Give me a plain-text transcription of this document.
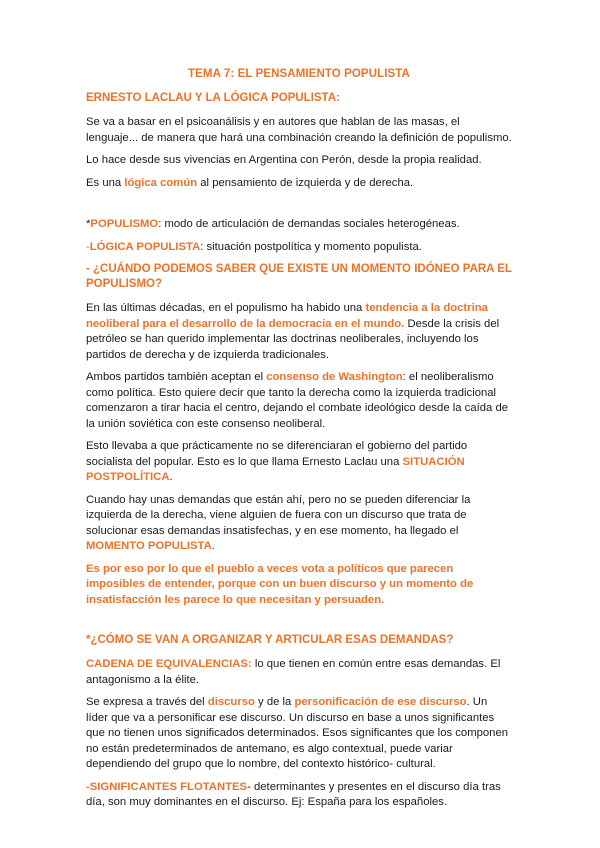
TEMA 7: EL PENSAMIENTO POPULISTA
ERNESTO LACLAU Y LA LÓGICA POPULISTA:

Se va a basar en el psicoanálisis y en autores que hablan de las masas, el lenguaje... de manera que hará una combinación creando la definición de populismo.

Lo hace desde sus vivencias en Argentina con Perón, desde la propia realidad.

Es una lógica común al pensamiento de izquierda y de derecha.

*POPULISMO: modo de articulación de demandas sociales heterogéneas.

-LÓGICA POPULISTA: situación postpolítica y momento populista.

- ¿CUÁNDO PODEMOS SABER QUE EXISTE UN MOMENTO IDÓNEO PARA EL POPULISMO?

En las últimas décadas, en el populismo ha habido una tendencia a la doctrina neoliberal para el desarrollo de la democracia en el mundo. Desde la crisis del petróleo se han querido implementar las doctrinas neoliberales, incluyendo los partidos de derecha y de izquierda tradicionales.

Ambos partidos también aceptan el consenso de Washington: el neoliberalismo como política. Esto quiere decir que tanto la derecha como la izquierda tradicional comenzaron a tirar hacia el centro, dejando el combate ideológico desde la caída de la unión soviética con este consenso neoliberal.

Esto llevaba a que prácticamente no se diferenciaran el gobierno del partido socialista del popular. Esto es lo que llama Ernesto Laclau una SITUACIÓN POSTPOLÍTICA.

Cuando hay unas demandas que están ahí, pero no se pueden diferenciar la izquierda de la derecha, viene alguien de fuera con un discurso que trata de solucionar esas demandas insatisfechas, y en ese momento, ha llegado el MOMENTO POPULISTA.

Es por eso por lo que el pueblo a veces vota a políticos que parecen imposibles de entender, porque con un buen discurso y un momento de insatisfacción les parece lo que necesitan y persuaden.

*¿CÓMO SE VAN A ORGANIZAR Y ARTICULAR ESAS DEMANDAS?

CADENA DE EQUIVALENCIAS: lo que tienen en común entre esas demandas. El antagonismo a la élite.

Se expresa a través del discurso y de la personificación de ese discurso. Un líder que va a personificar ese discurso. Un discurso en base a unos significantes que no tienen unos significados determinados. Esos significantes que los componen no están predeterminados de antemano, es algo contextual, puede variar dependiendo del grupo que lo nombre, del contexto histórico- cultural.

-SIGNIFICANTES FLOTANTES- determinantes y presentes en el discurso día tras día, son muy dominantes en el discurso. Ej: España para los españoles.
